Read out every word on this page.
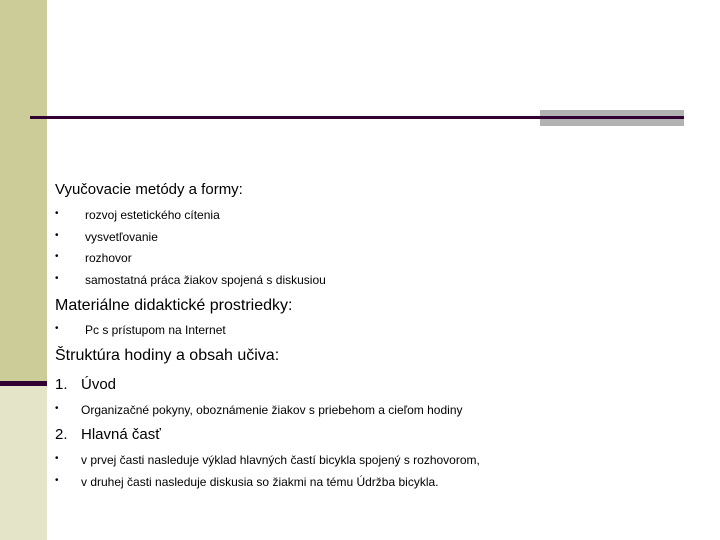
Vyučovacie metódy a formy:
• rozvoj estetického cítenia
• vysvetľovanie
• rozhovor
• samostatná práca žiakov spojená s diskusiou
Materiálne didaktické prostriedky:
• Pc s prístupom na Internet
Štruktúra hodiny a obsah učiva:
1. Úvod
• Organizačné pokyny, oboznámenie žiakov s priebehom a cieľom hodiny
2. Hlavná časť
• v prvej časti nasleduje výklad hlavných častí bicykla spojený s rozhovorom,
• v druhej časti nasleduje diskusia so žiakmi na tému Údržba bicykla.
